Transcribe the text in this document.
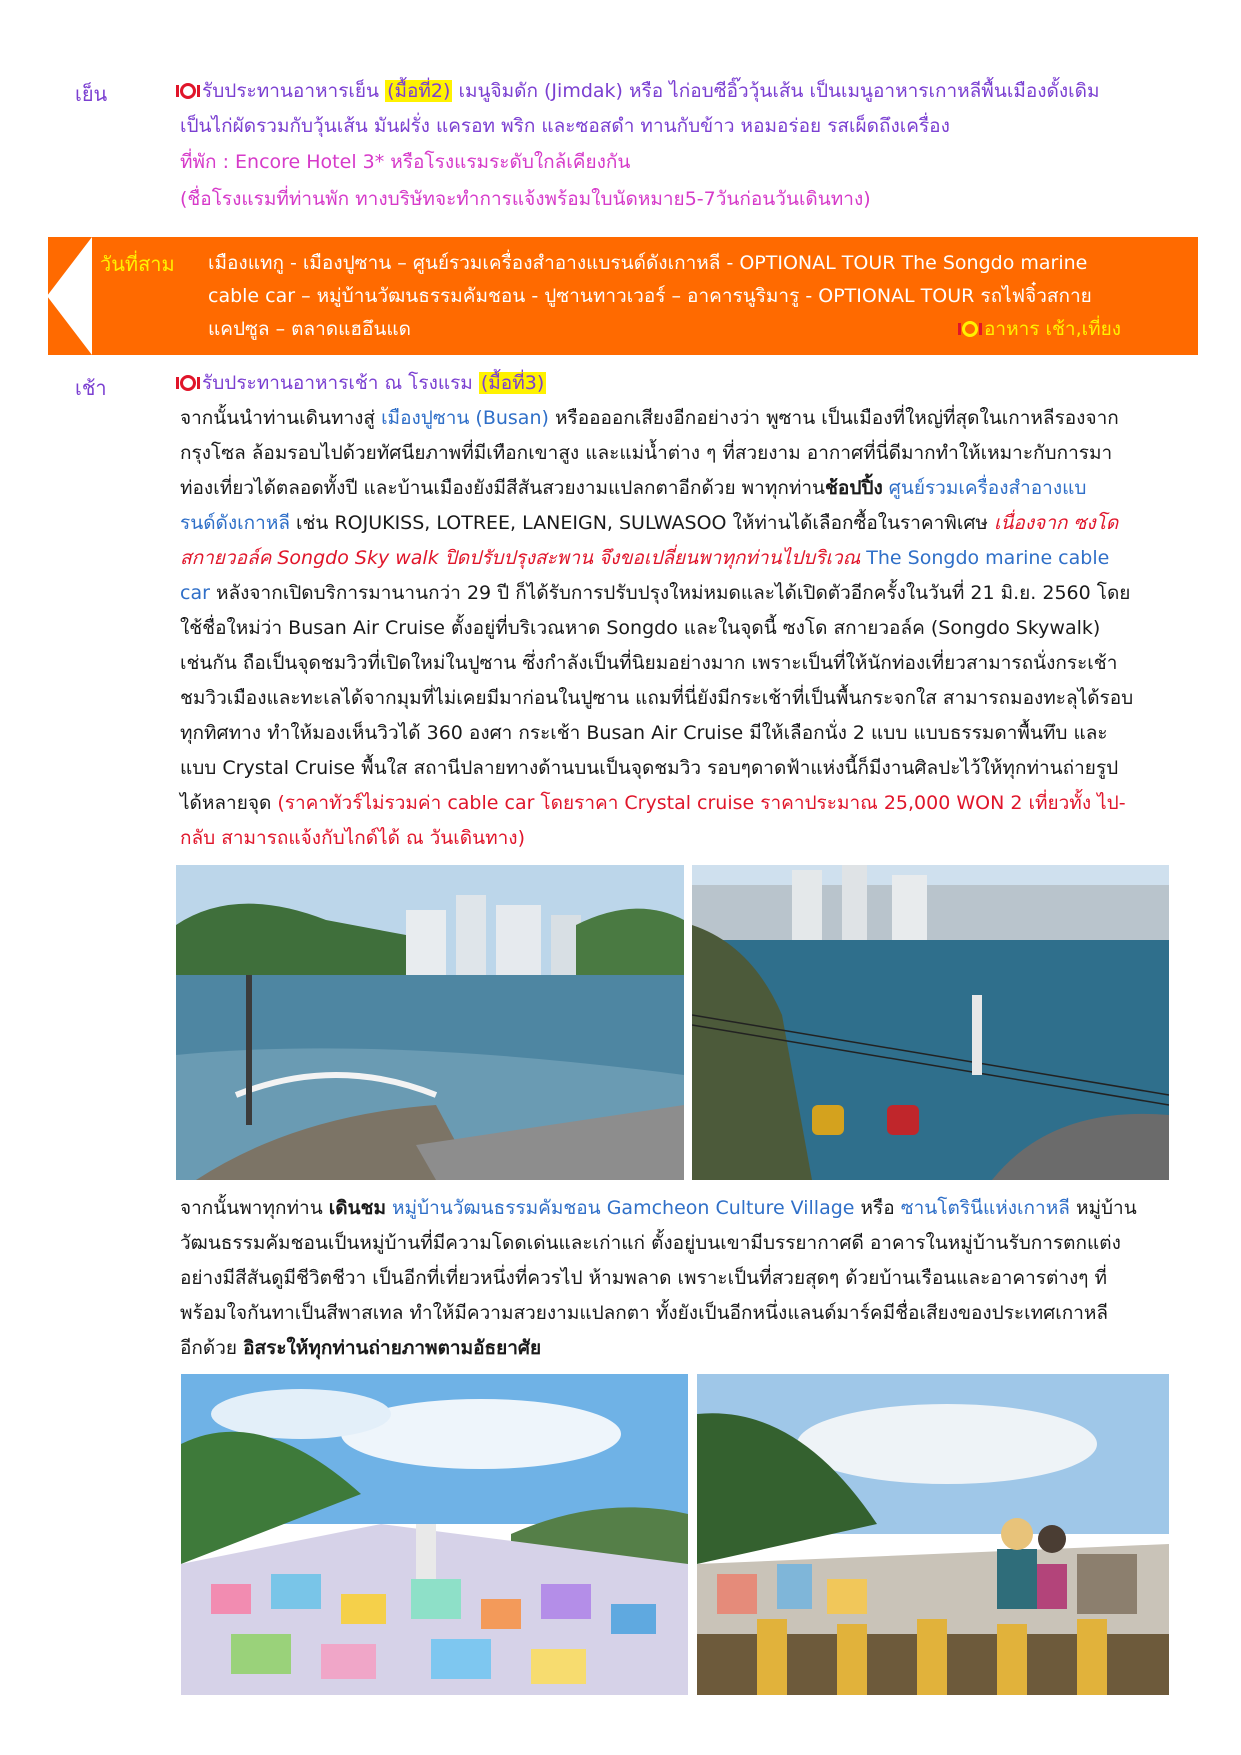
เย็น	รับประทานอาหารเย็น (มื้อที่2) เมนูจิมดัก (Jimdak) หรือ ไก่อบซีอิ๊ววุ้นเส้น เป็นเมนูอาหารเกาหลีพื้นเมืองดั้งเดิม
เป็นไก่ผัดรวมกับวุ้นเส้น มันฝรั่ง แครอท พริก และซอสดำ ทานกับข้าว หอมอร่อย รสเผ็ดถึงเครื่อง
ที่พัก : Encore Hotel 3* หรือโรงแรมระดับใกล้เคียงกัน
(ชื่อโรงแรมที่ท่านพัก ทางบริษัทจะทำการแจ้งพร้อมใบนัดหมาย5-7วันก่อนวันเดินทาง)
วันที่สาม เมืองแทกู - เมืองปูซาน – ศูนย์รวมเครื่องสำอางแบรนด์ดังเกาหลี - OPTIONAL TOUR The Songdo marine
cable car – หมู่บ้านวัฒนธรรมคัมชอน - ปูซานทาวเวอร์ – อาคารนูริมารู - OPTIONAL TOUR รถไฟจิ๋วสกาย
แคปซูล – ตลาดแฮอึนแด	อาหาร เช้า,เที่ยง
เช้า	รับประทานอาหารเช้า ณ โรงแรม (มื้อที่3)
จากนั้นนำท่านเดินทางสู่ เมืองปูซาน (Busan) หรืออออกเสียงอีกอย่างว่า พูซาน เป็นเมืองที่ใหญ่ที่สุดในเกาหลีรองจาก
กรุงโซล ล้อมรอบไปด้วยทัศนียภาพที่มีเทือกเขาสูง และแม่น้ำต่าง ๆ ที่สวยงาม อากาศที่นี่ดีมากทำให้เหมาะกับการมา
ท่องเที่ยวได้ตลอดทั้งปี และบ้านเมืองยังมีสีสันสวยงามแปลกตาอีกด้วย พาทุกท่านช้อปปิ้ง ศูนย์รวมเครื่องสำอางแบ
รนด์ดังเกาหลี เช่น ROJUKISS, LOTREE, LANEIGN, SULWASOO ให้ท่านได้เลือกซื้อในราคาพิเศษ เนื่องจาก ซงโด
สกายวอล์ค Songdo Sky walk ปิดปรับปรุงสะพาน จึงขอเปลี่ยนพาทุกท่านไปบริเวณ The Songdo marine cable
car หลังจากเปิดบริการมานานกว่า 29 ปี ก็ได้รับการปรับปรุงใหม่หมดและได้เปิดตัวอีกครั้งในวันที่ 21 มิ.ย. 2560 โดย
ใช้ชื่อใหม่ว่า Busan Air Cruise ตั้งอยู่ที่บริเวณหาด Songdo และในจุดนี้ ซงโด สกายวอล์ค (Songdo Skywalk)
เช่นกัน ถือเป็นจุดชมวิวที่เปิดใหม่ในปูซาน ซึ่งกำลังเป็นที่นิยมอย่างมาก เพราะเป็นที่ให้นักท่องเที่ยวสามารถนั่งกระเช้า
ชมวิวเมืองและทะเลได้จากมุมที่ไม่เคยมีมาก่อนในปูซาน แถมที่นี่ยังมีกระเช้าที่เป็นพื้นกระจกใส สามารถมองทะลุได้รอบ
ทุกทิศทาง ทำให้มองเห็นวิวได้ 360 องศา กระเช้า Busan Air Cruise มีให้เลือกนั่ง 2 แบบ แบบธรรมดาพื้นทึบ และ
แบบ Crystal Cruise พื้นใส สถานีปลายทางด้านบนเป็นจุดชมวิว รอบๆดาดฟ้าแห่งนี้ก็มีงานศิลปะไว้ให้ทุกท่านถ่ายรูป
ได้หลายจุด (ราคาทัวร์ไม่รวมค่า cable car โดยราคา Crystal cruise ราคาประมาณ 25,000 WON 2 เที่ยวทั้ง ไป-
กลับ สามารถแจ้งกับไกด์ได้ ณ วันเดินทาง)
จากนั้นพาทุกท่าน เดินชม หมู่บ้านวัฒนธรรมคัมชอน Gamcheon Culture Village หรือ ซานโตรินีแห่งเกาหลี หมู่บ้าน
วัฒนธรรมคัมชอนเป็นหมู่บ้านที่มีความโดดเด่นและเก่าแก่ ตั้งอยู่บนเขามีบรรยากาศดี อาคารในหมู่บ้านรับการตกแต่ง
อย่างมีสีสันดูมีชีวิตชีวา เป็นอีกที่เที่ยวหนึ่งที่ควรไป ห้ามพลาด เพราะเป็นที่สวยสุดๆ ด้วยบ้านเรือนและอาคารต่างๆ ที่
พร้อมใจกันทาเป็นสีพาสเทล ทำให้มีความสวยงามแปลกตา ทั้งยังเป็นอีกหนึ่งแลนด์มาร์คมีชื่อเสียงของประเทศเกาหลี
อีกด้วย อิสระให้ทุกท่านถ่ายภาพตามอัธยาศัย
